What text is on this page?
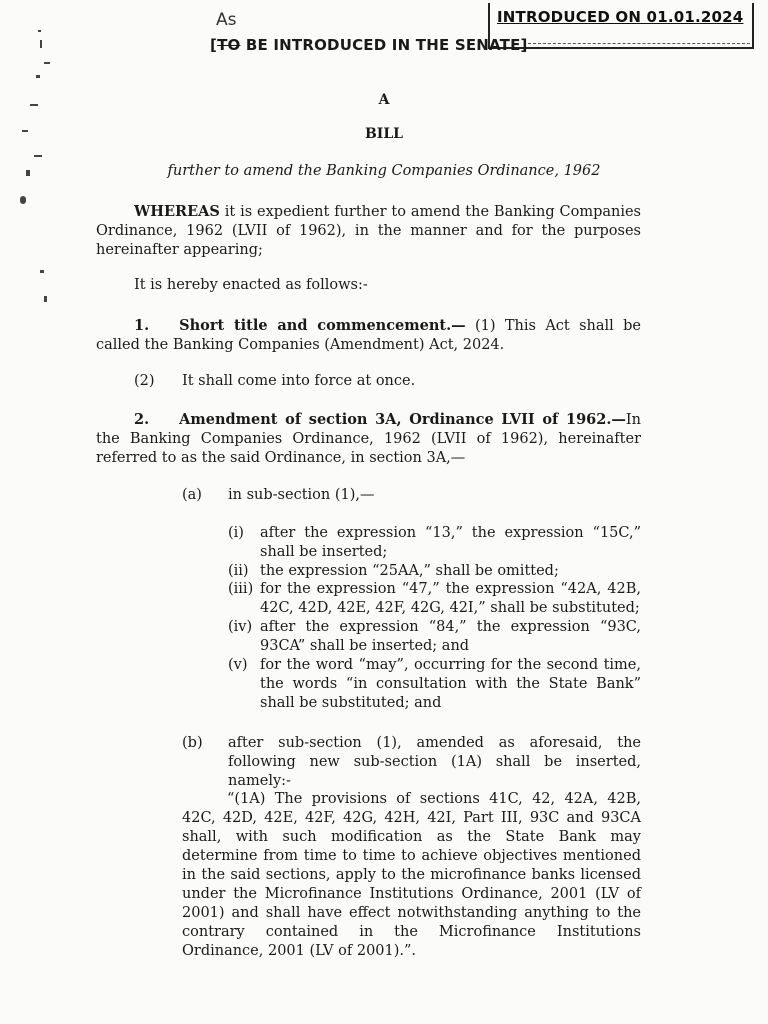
As	INTRODUCED ON 01.01.2024
[TO BE INTRODUCED IN THE SENATE]
A
BILL
further to amend the Banking Companies Ordinance, 1962
WHEREAS it is expedient further to amend the Banking Companies Ordinance, 1962 (LVII of 1962), in the manner and for the purposes hereinafter appearing;
It is hereby enacted as follows:-
1. Short title and commencement.— (1) This Act shall be called the Banking Companies (Amendment) Act, 2024.
(2) It shall come into force at once.
2. Amendment of section 3A, Ordinance LVII of 1962.—In the Banking Companies Ordinance, 1962 (LVII of 1962), hereinafter referred to as the said Ordinance, in section 3A,—
(a) in sub-section (1),—
(i) after the expression “13,” the expression “15C,” shall be inserted;
(ii) the expression “25AA,” shall be omitted;
(iii) for the expression “47,” the expression “42A, 42B, 42C, 42D, 42E, 42F, 42G, 42I,” shall be substituted;
(iv) after the expression “84,” the expression “93C, 93CA” shall be inserted; and
(v) for the word “may”, occurring for the second time, the words “in consultation with the State Bank” shall be substituted; and
(b) after sub-section (1), amended as aforesaid, the following new sub-section (1A) shall be inserted, namely:-
“(1A) The provisions of sections 41C, 42, 42A, 42B, 42C, 42D, 42E, 42F, 42G, 42H, 42I, Part III, 93C and 93CA shall, with such modification as the State Bank may determine from time to time to achieve objectives mentioned in the said sections, apply to the microfinance banks licensed under the Microfinance Institutions Ordinance, 2001 (LV of 2001) and shall have effect notwithstanding anything to the contrary contained in the Microfinance Institutions Ordinance, 2001 (LV of 2001).”.
